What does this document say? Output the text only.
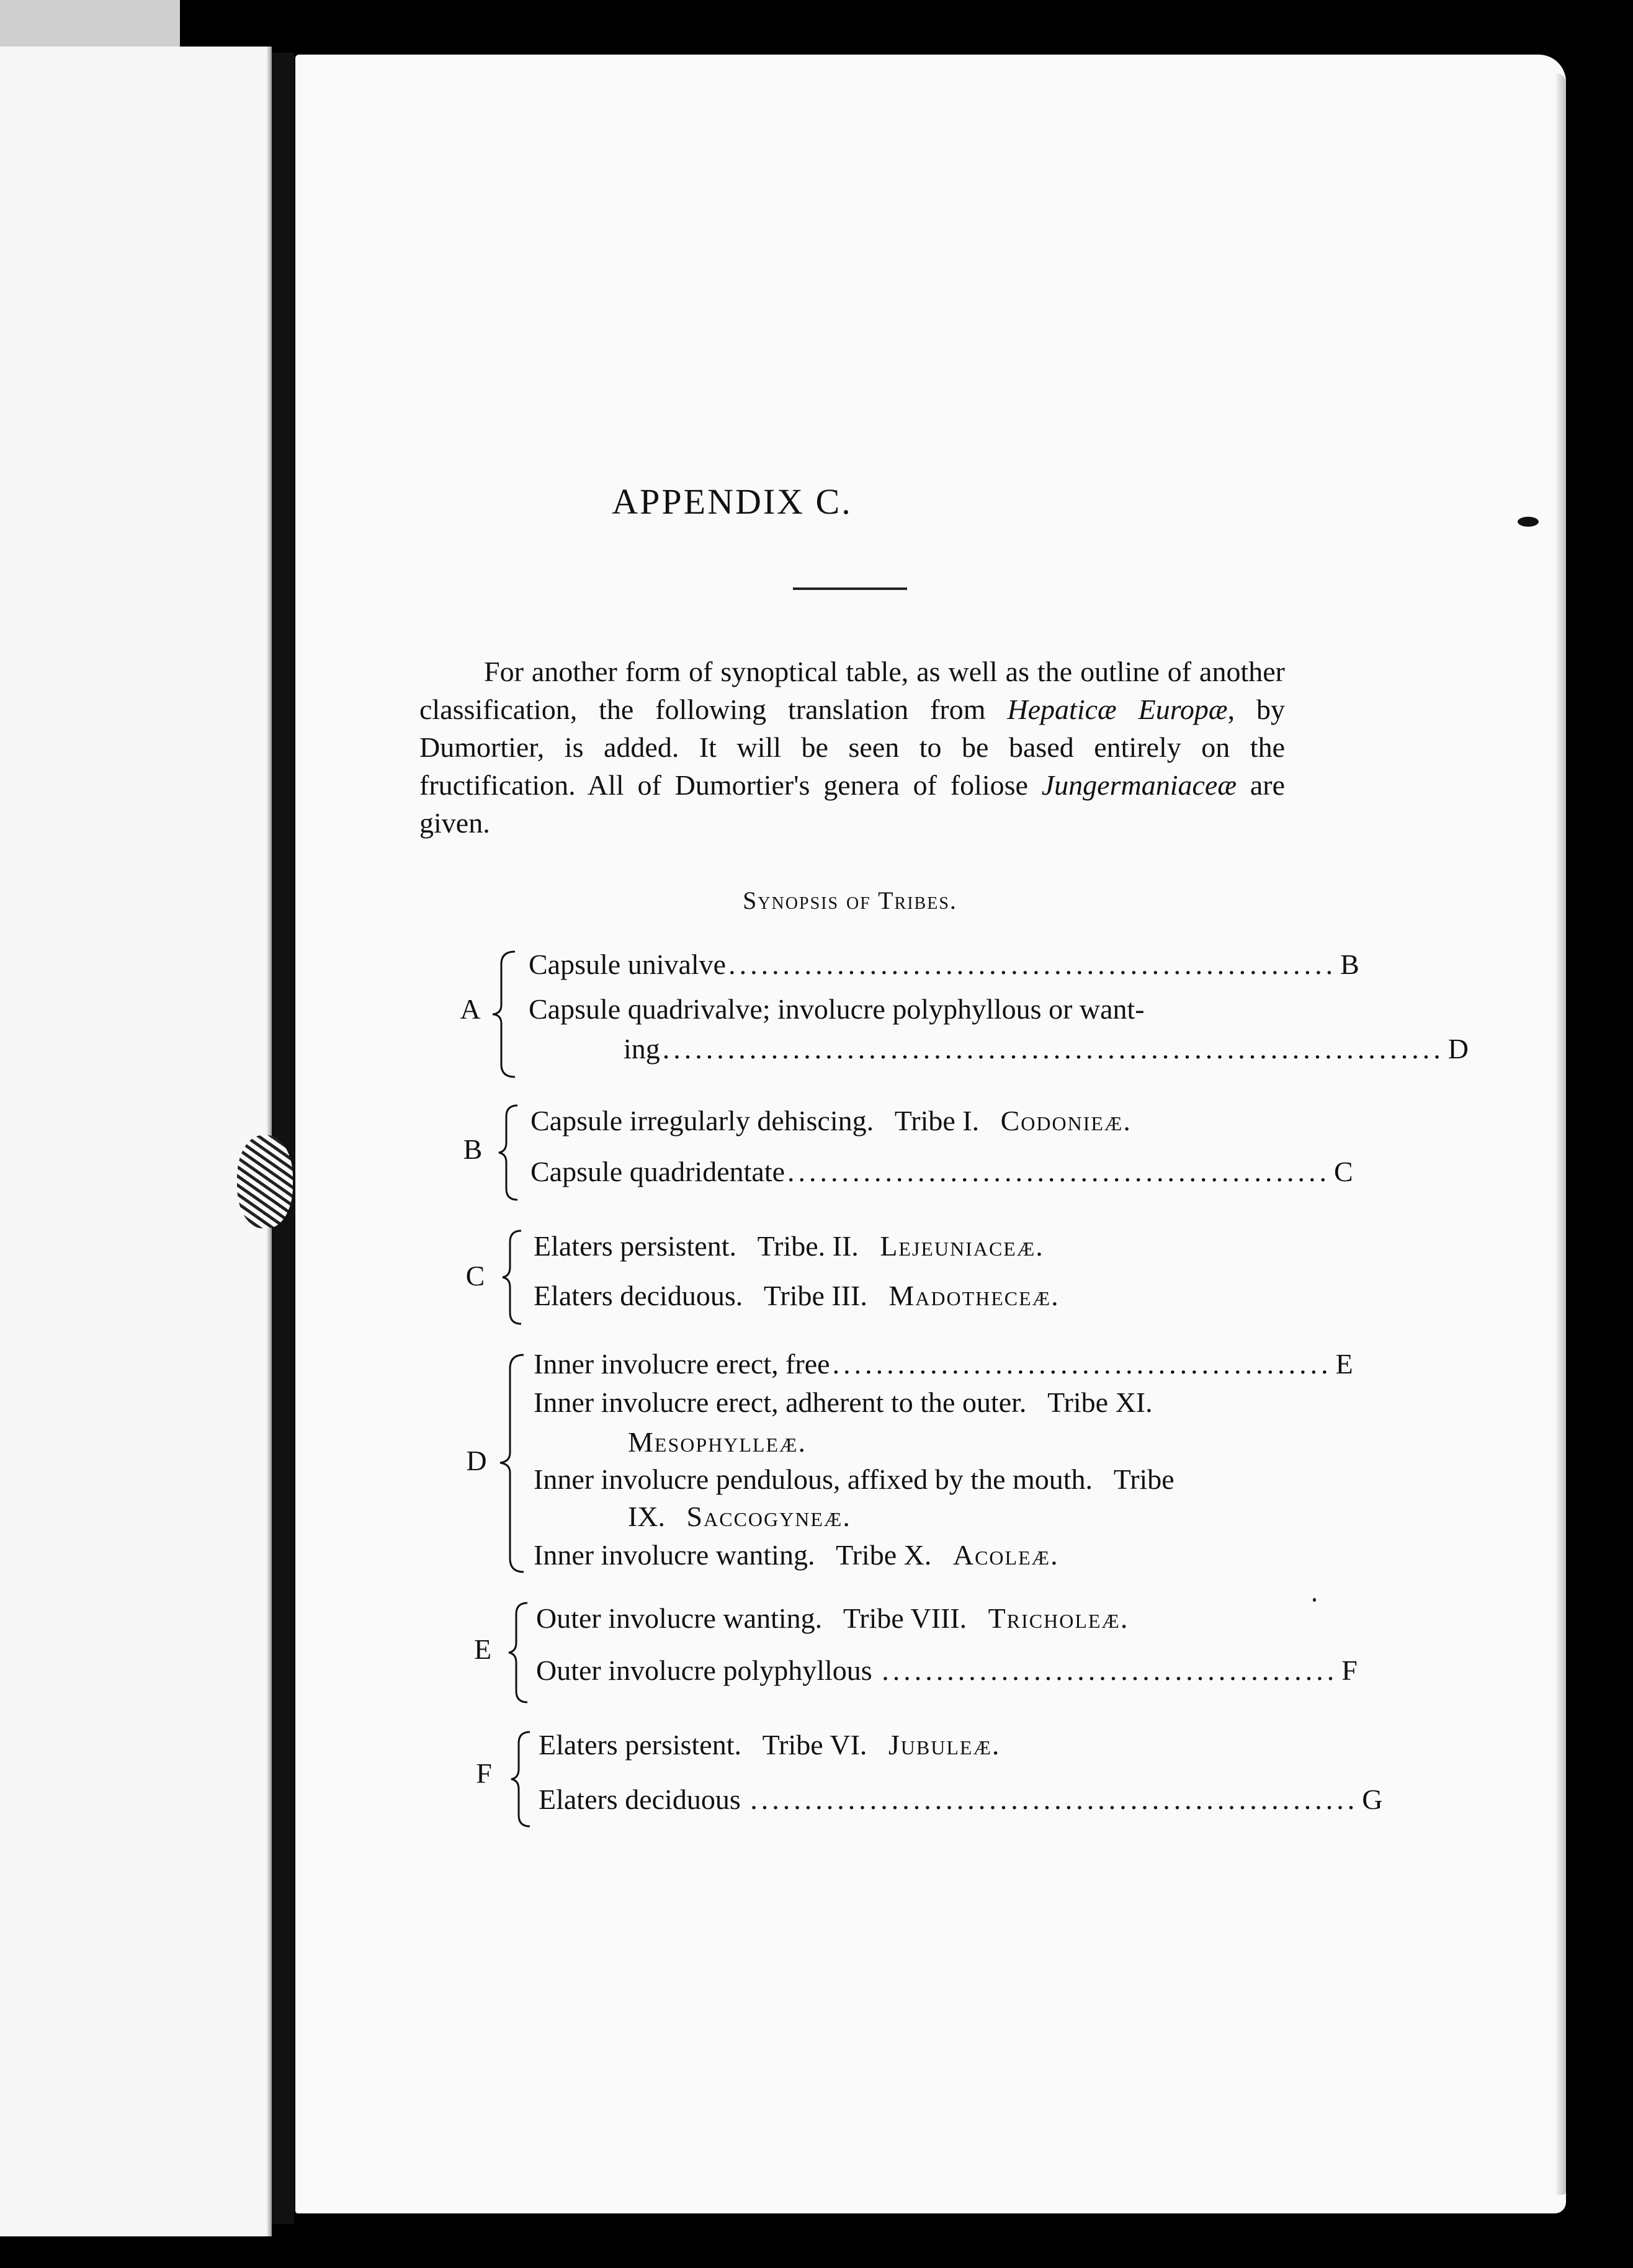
APPENDIX C.

For another form of synoptical table, as well as the outline of another classification, the following translation from Hepaticæ Europæ, by Dumortier, is added. It will be seen to be based entirely on the fructification. All of Dumortier's genera of foliose Jungermaniaceæ are given.

Synopsis of Tribes.
A
Capsule univalve ........................................................ B
Capsule quadrivalve; involucre polyphyllous or want-
ing ........................................................................ D
B
Capsule irregularly dehiscing.   Tribe I. Codonieæ.
Capsule quadridentate .................................................. C
C
Elaters persistent.   Tribe. II. Lejeuniaceæ.
Elaters deciduous.   Tribe III. Madotheceæ.
D
Inner involucre erect, free .............................................. E
Inner involucre erect, adherent to the outer.   Tribe XI.
Mesophylleæ.
Inner involucre pendulous, affixed by the mouth.   Tribe
IX. Saccogyneæ.
Inner involucre wanting.   Tribe X. Acoleæ.
E
Outer involucre wanting.   Tribe VIII. Tricholeæ.
Outer involucre polyphyllous .......................................... F
F
Elaters persistent.   Tribe VI. Jubuleæ.
Elaters deciduous ........................................................ G
